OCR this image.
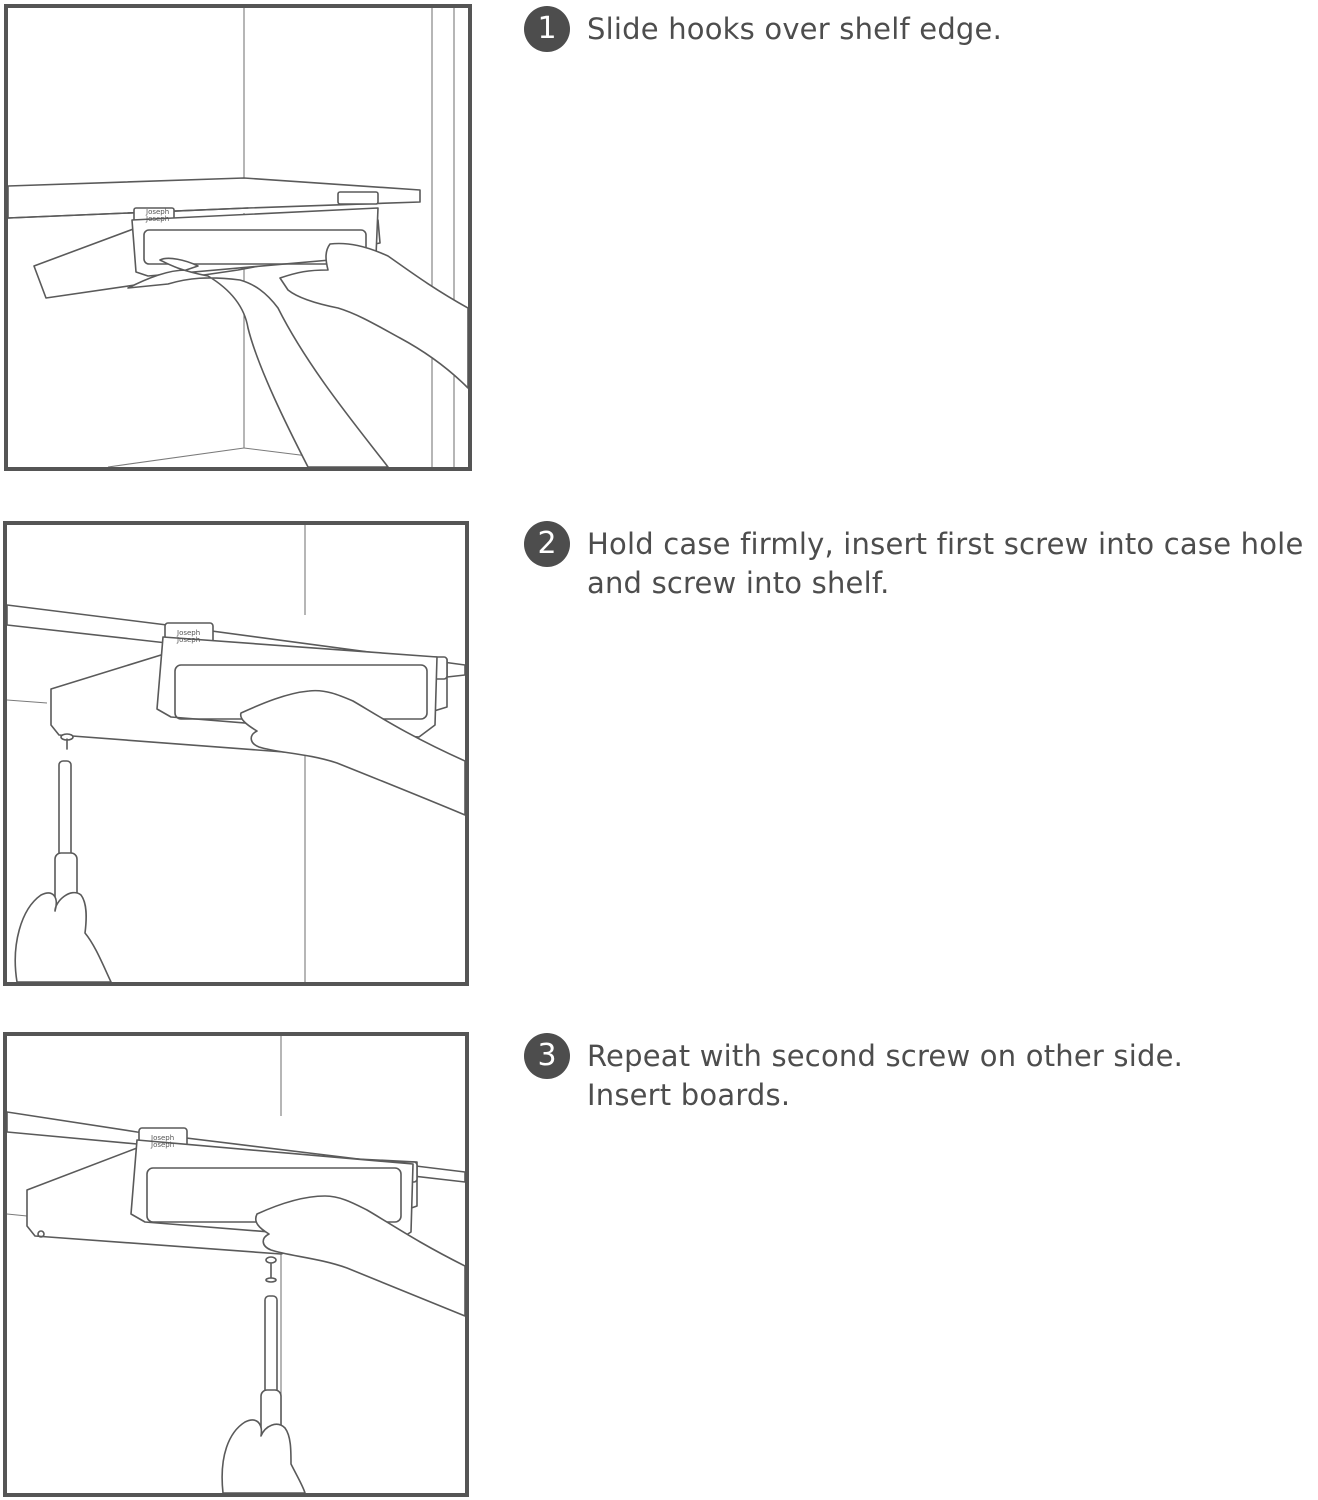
Joseph
Joseph
1	Slide hooks over shelf edge.

Joseph
Joseph
2	Hold case firmly, insert first screw into case hole
and screw into shelf.

Joseph
Joseph
3	Repeat with second screw on other side.
Insert boards.
